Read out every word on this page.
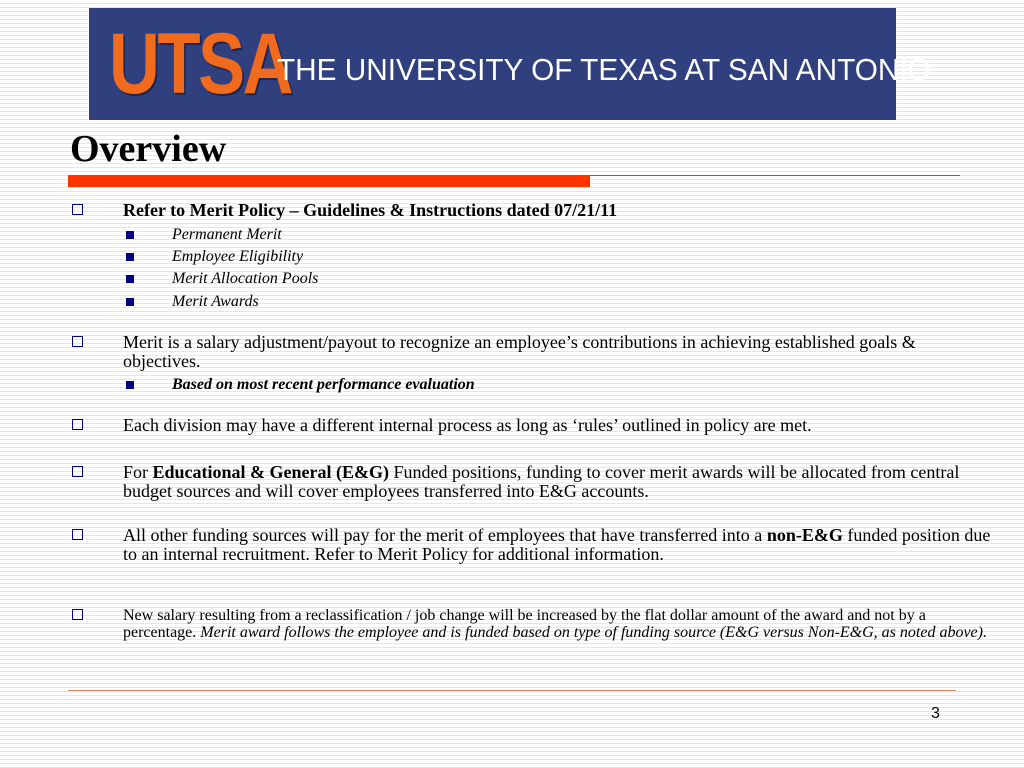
UTSA
THE UNIVERSITY OF TEXAS AT SAN ANTONIO
Overview
Refer to Merit Policy – Guidelines & Instructions dated 07/21/11
Permanent Merit
Employee Eligibility
Merit Allocation Pools
Merit Awards
Merit is a salary adjustment/payout to recognize an employee’s contributions in achieving established goals & objectives.
Based on most recent performance evaluation
Each division may have a different internal process as long as ‘rules’ outlined in policy are met.
For Educational & General (E&G) Funded positions, funding to cover merit awards will be allocated from central budget sources and will cover employees transferred into E&G accounts.
All other funding sources will pay for the merit of employees that have transferred into a non-E&G funded position due to an internal recruitment. Refer to Merit Policy for additional information.
New salary resulting from a reclassification / job change will be increased by the flat dollar amount of the award and not by a percentage. Merit award follows the employee and is funded based on type of funding source (E&G versus Non-E&G, as noted above).
3
